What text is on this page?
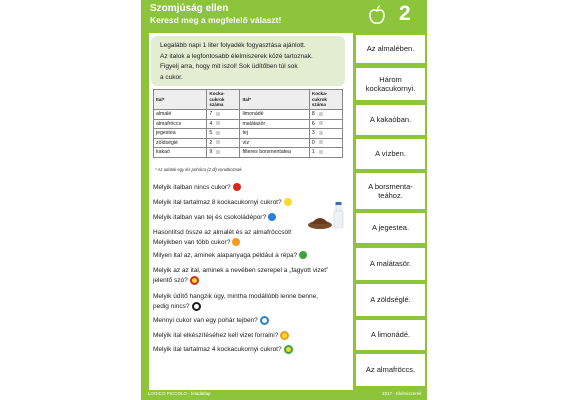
Szomjúság ellen
Keresd meg a megfelelő választ!	2
Legalább napi 1 liter folyadék fogyasztása ajánlott.
Az italok a legfontosabb élelmiszerek közé tartoznak.
Figyelj arra, hogy mit iszol! Sok üdítőben túl sok
a cukor.
Ital*	Kocka-cukrok száma	Ital*	Kocka-cukrok száma
almalé	7	limonádé	8
almafröccs	4	malátasör	6
jegestea	5	tej	3
zöldségié	2	víz	0
kakaó	9	filteres borsmentatea	1
* Az adatok egy kis pohárra (2 dl) vonatkoznak.
Melyik italban nincs cukor?
Melyik ital tartalmaz 8 kockacukornyi cukrot?
Melyik italban van tej és csokoládépor?
Hasonlítsd össze az almalét és az almafröccsöt!
Melyikben van több cukor?
Milyen ital az, aminek alapanyaga például a répa?
Melyik az az ital, aminek a nevében szerepel a „fagyott vizet”
jelentő szó?
Melyik üdítő hangzik úgy, mintha modállóbb lenne benne,
pedig nincs?
Mennyi cukor van egy pohár tejben?
Melyik ital elkészítéséhez kell vizet forralni?
Melyik ital tartalmaz 4 kockacukornyi cukrot?
Az almalében.
Három
kockacukornyi.
A kakaóban.
A vízben.
A borsmenta-
teához.
A jegestea.
A malátasör.
A zöldséglé.
A limonádé.
Az almafröccs.
LOGICO PICCOLO - feladatlap	3317 - Élelmiszerek
